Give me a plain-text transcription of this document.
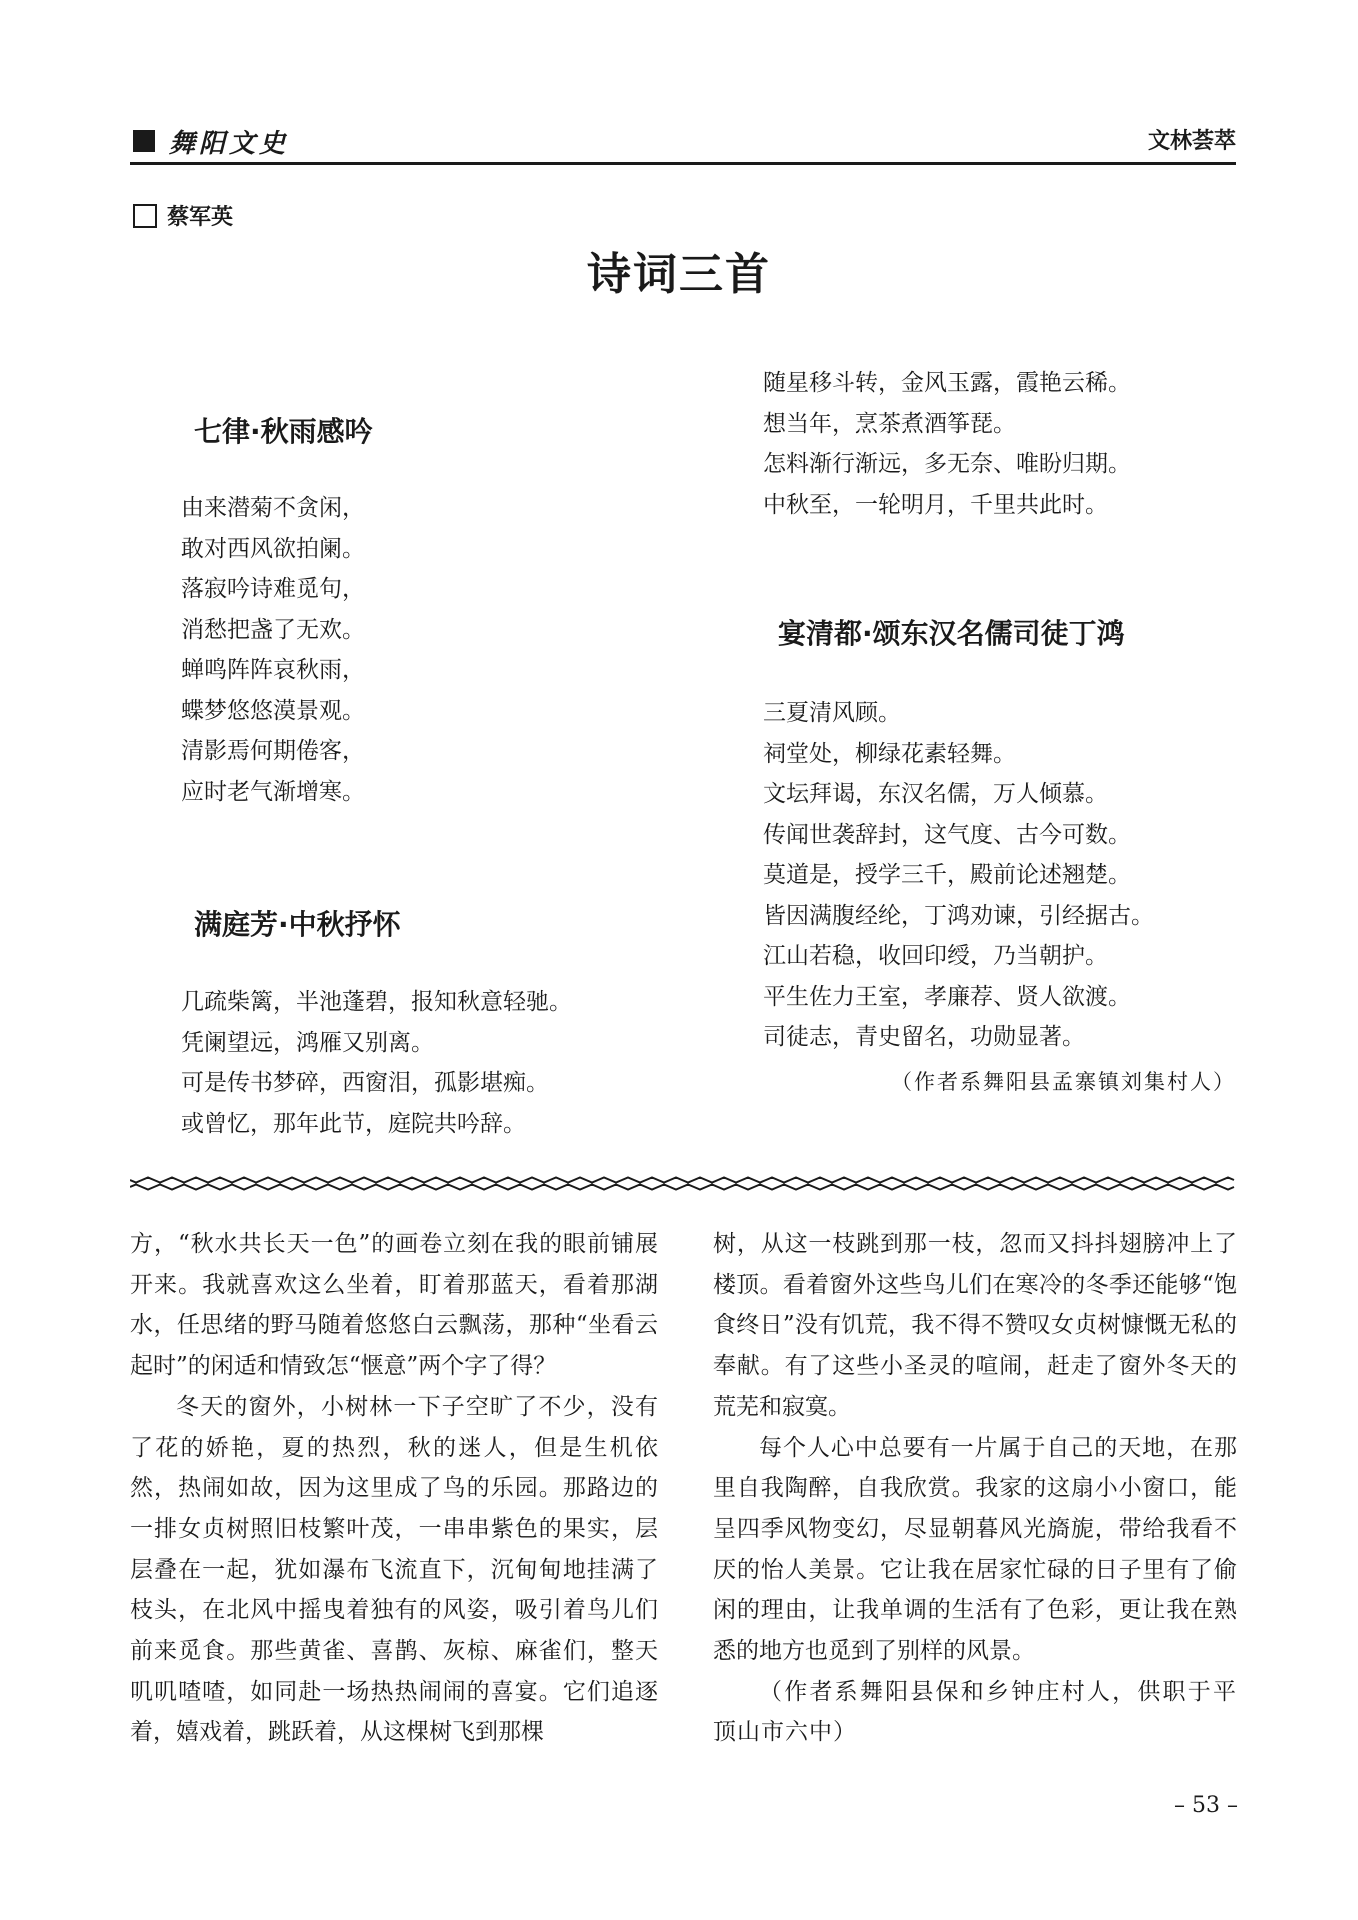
舞阳文史	文林荟萃
蔡军英
诗词三首
七律·秋雨感吟
由来潜菊不贪闲，
敢对西风欲拍阑。
落寂吟诗难觅句，
消愁把盏了无欢。
蝉鸣阵阵哀秋雨，
蝶梦悠悠漠景观。
清影焉何期倦客，
应时老气渐增寒。
满庭芳·中秋抒怀
几疏柴篱，半池蓬碧，报知秋意轻驰。
凭阑望远，鸿雁又别离。
可是传书梦碎，西窗泪，孤影堪痴。
或曾忆，那年此节，庭院共吟辞。
随星移斗转，金风玉露，霞艳云稀。
想当年，烹茶煮酒筝琵。
怎料渐行渐远，多无奈、唯盼归期。
中秋至，一轮明月，千里共此时。
宴清都·颂东汉名儒司徒丁鸿
三夏清风顾。
祠堂处，柳绿花素轻舞。
文坛拜谒，东汉名儒，万人倾慕。
传闻世袭辞封，这气度、古今可数。
莫道是，授学三千，殿前论述翘楚。
皆因满腹经纶，丁鸿劝谏，引经据古。
江山若稳，收回印绶，乃当朝护。
平生佐力王室，孝廉荐、贤人欲渡。
司徒志，青史留名，功勋显著。
（作者系舞阳县孟寨镇刘集村人）

方，“秋水共长天一色”的画卷立刻在我的眼前铺展开来。我就喜欢这么坐着，盯着那蓝天，看着那湖水，任思绪的野马随着悠悠白云飘荡，那种“坐看云起时”的闲适和情致怎“惬意”两个字了得？

冬天的窗外，小树林一下子空旷了不少，没有了花的娇艳，夏的热烈，秋的迷人，但是生机依然，热闹如故，因为这里成了鸟的乐园。那路边的一排女贞树照旧枝繁叶茂，一串串紫色的果实，层层叠在一起，犹如瀑布飞流直下，沉甸甸地挂满了枝头，在北风中摇曳着独有的风姿，吸引着鸟儿们前来觅食。那些黄雀、喜鹊、灰椋、麻雀们，整天叽叽喳喳，如同赴一场热热闹闹的喜宴。它们追逐着，嬉戏着，跳跃着，从这棵树飞到那棵

树，从这一枝跳到那一枝，忽而又抖抖翅膀冲上了楼顶。看着窗外这些鸟儿们在寒冷的冬季还能够“饱食终日”没有饥荒，我不得不赞叹女贞树慷慨无私的奉献。有了这些小圣灵的喧闹，赶走了窗外冬天的荒芜和寂寞。

每个人心中总要有一片属于自己的天地，在那里自我陶醉，自我欣赏。我家的这扇小小窗口，能呈四季风物变幻，尽显朝暮风光旖旎，带给我看不厌的怡人美景。它让我在居家忙碌的日子里有了偷闲的理由，让我单调的生活有了色彩，更让我在熟悉的地方也觅到了别样的风景。

（作者系舞阳县保和乡钟庄村人，供职于平顶山市六中）

– 53 –
